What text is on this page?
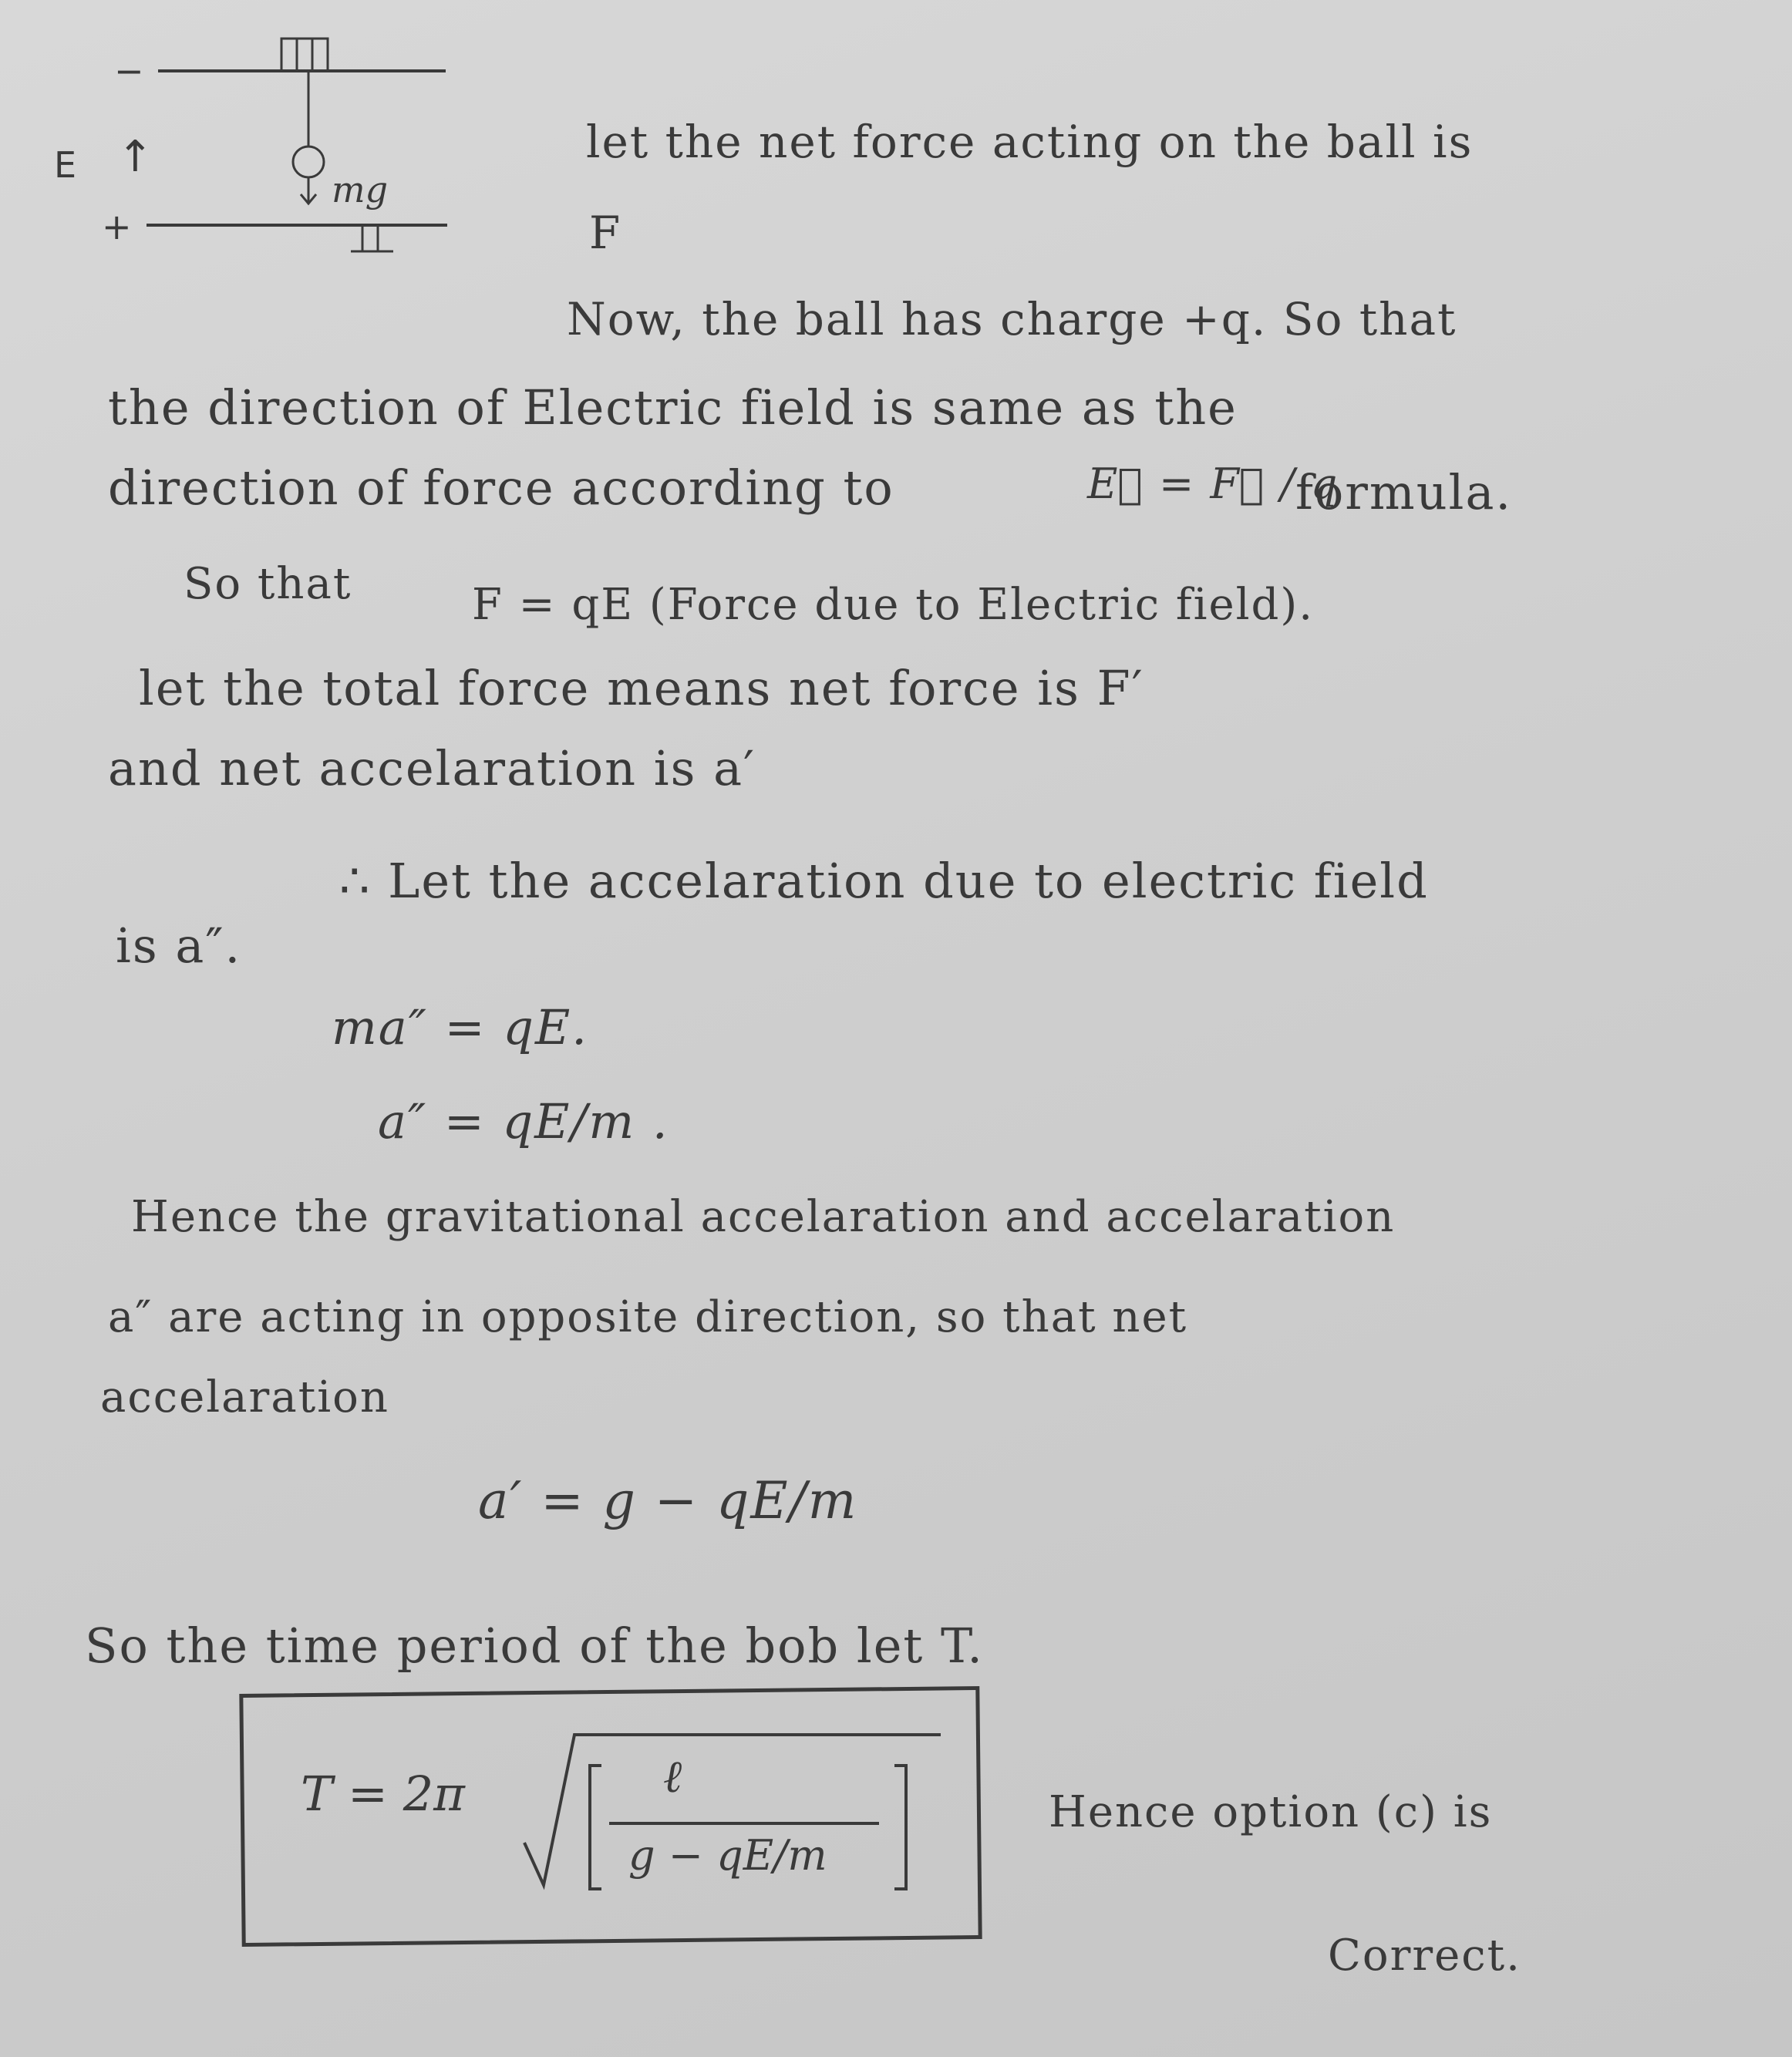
−
E ↑
+
mg
let the net force acting on the ball is
F
Now, the ball has charge +q. So that
the direction of Electric field is same as the
direction of force according to	E⃗ = F⃗ / q
formula.
So that	F = qE (Force due to Electric field).
let the total force means net force is F′
and net accelaration is a′
∴ Let the accelaration due to electric field
is a″.
ma″ = qE.
a″ = qE/m .
Hence the gravitational accelaration and accelaration
a″ are acting in opposite direction, so that net
accelaration
a′ = g − qE/m
So the time period of the bob let T.
T = 2π	ℓ
g − qE/m
Hence option (c) is
Correct.
